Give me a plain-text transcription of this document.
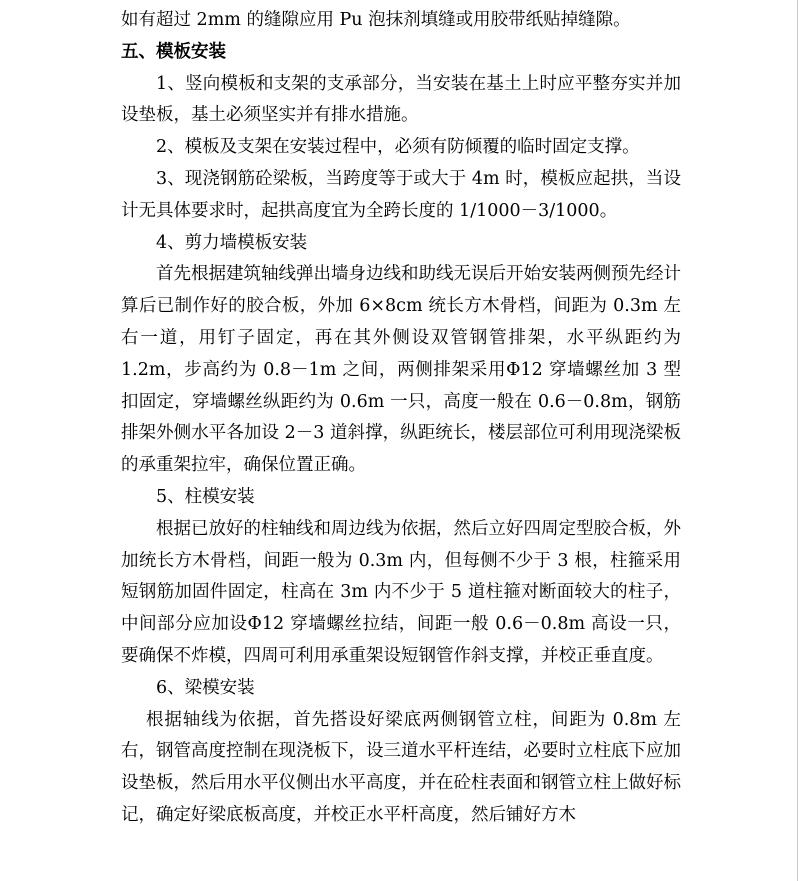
如有超过 2mm 的缝隙应用 Pu 泡抹剂填缝或用胶带纸贴掉缝隙。

五、模板安装

1、竖向模板和支架的支承部分，当安装在基土上时应平整夯实并加设垫板，基土必须坚实并有排水措施。

2、模板及支架在安装过程中，必须有防倾覆的临时固定支撑。

3、现浇钢筋砼梁板，当跨度等于或大于 4m 时，模板应起拱，当设计无具体要求时，起拱高度宜为全跨长度的 1/1000－3/1000。

4、剪力墙模板安装

首先根据建筑轴线弹出墙身边线和助线无误后开始安装两侧预先经计算后已制作好的胶合板，外加 6×8cm 统长方木骨档，间距为 0.3m 左右一道，用钉子固定，再在其外侧设双管钢管排架，水平纵距约为 1.2m，步高约为 0.8－1m 之间，两侧排架采用Φ12 穿墙螺丝加 3 型扣固定，穿墙螺丝纵距约为 0.6m 一只，高度一般在 0.6－0.8m，钢筋排架外侧水平各加设 2－3 道斜撑，纵距统长，楼层部位可利用现浇梁板的承重架拉牢，确保位置正确。

5、柱模安装

根据已放好的柱轴线和周边线为依据，然后立好四周定型胶合板，外加统长方木骨档，间距一般为 0.3m 内，但每侧不少于 3 根，柱箍采用短钢筋加固件固定，柱高在 3m 内不少于 5 道柱箍对断面较大的柱子，中间部分应加设Φ12 穿墙螺丝拉结，间距一般 0.6－0.8m 高设一只，要确保不炸模，四周可利用承重架设短钢管作斜支撑，并校正垂直度。

6、梁模安装

根据轴线为依据，首先搭设好梁底两侧钢管立柱，间距为 0.8m 左右，钢管高度控制在现浇板下，设三道水平杆连结，必要时立柱底下应加设垫板，然后用水平仪侧出水平高度，并在砼柱表面和钢管立柱上做好标记，确定好梁底板高度，并校正水平杆高度，然后铺好方木
